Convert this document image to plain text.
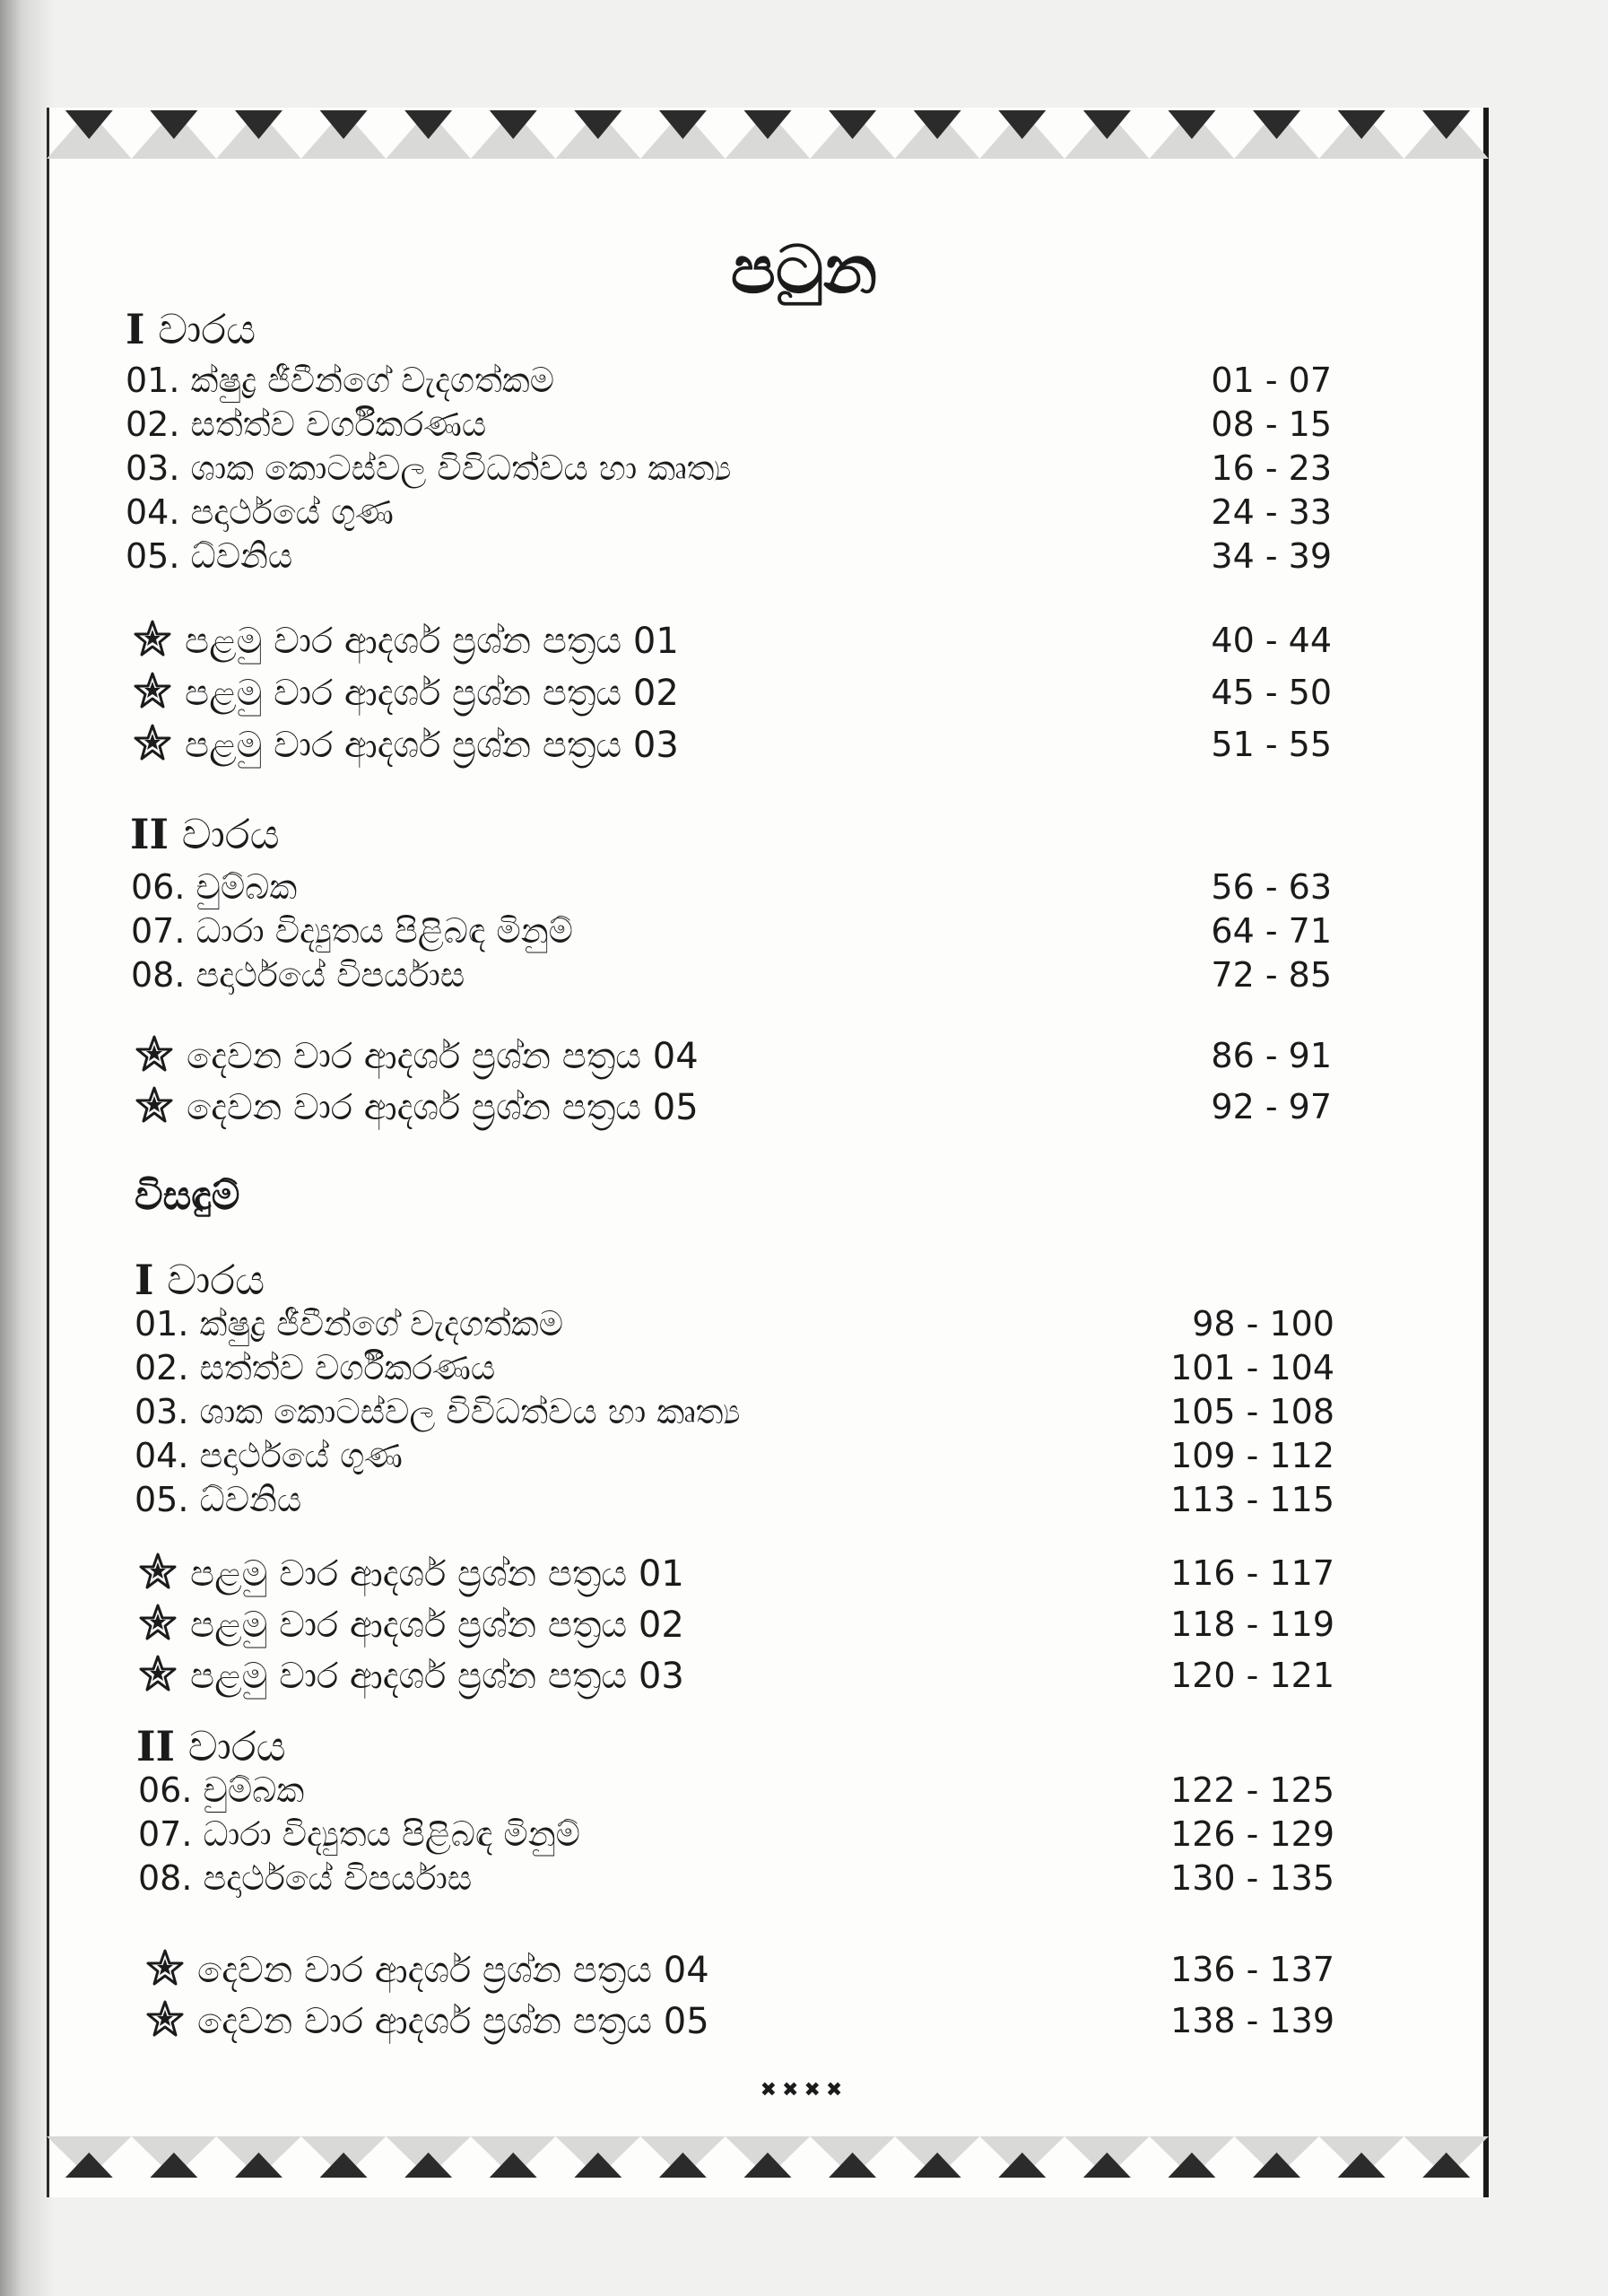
පටුන
I වාරය
01. ක්ෂුද්‍ර ජීවීන්ගේ වැදගත්කම	01 - 07
02. සත්ත්ව වර්ගීකරණය	08 - 15
03. ශාක කොටස්වල විවිධත්වය හා කෘත්‍ය	16 - 23
04. පදාර්ථයේ ගුණ	24 - 33
05. ධ්වනිය	34 - 39
පළමු වාර ආදර්ශ ප්‍රශ්න පත්‍රය 01	40 - 44
පළමු වාර ආදර්ශ ප්‍රශ්න පත්‍රය 02	45 - 50
පළමු වාර ආදර්ශ ප්‍රශ්න පත්‍රය 03	51 - 55
II වාරය
06. චුම්බක	56 - 63
07. ධාරා විද්‍යුතය පිළිබඳ මිනුම්	64 - 71
08. පදාර්ථයේ විපර්යාස	72 - 85
දෙවන වාර ආදර්ශ ප්‍රශ්න පත්‍රය 04	86 - 91
දෙවන වාර ආදර්ශ ප්‍රශ්න පත්‍රය 05	92 - 97
විසඳුම්
I වාරය
01. ක්ෂුද්‍ර ජීවීන්ගේ වැදගත්කම	98 - 100
02. සත්ත්ව වර්ගීකරණය	101 - 104
03. ශාක කොටස්වල විවිධත්වය හා කෘත්‍ය	105 - 108
04. පදාර්ථයේ ගුණ	109 - 112
05. ධ්වනිය	113 - 115
පළමු වාර ආදර්ශ ප්‍රශ්න පත්‍රය 01	116 - 117
පළමු වාර ආදර්ශ ප්‍රශ්න පත්‍රය 02	118 - 119
පළමු වාර ආදර්ශ ප්‍රශ්න පත්‍රය 03	120 - 121
II වාරය
06. චුම්බක	122 - 125
07. ධාරා විද්‍යුතය පිළිබඳ මිනුම්	126 - 129
08. පදාර්ථයේ විපර්යාස	130 - 135
දෙවන වාර ආදර්ශ ප්‍රශ්න පත්‍රය 04	136 - 137
දෙවන වාර ආදර්ශ ප්‍රශ්න පත්‍රය 05	138 - 139
✖✖✖✖
